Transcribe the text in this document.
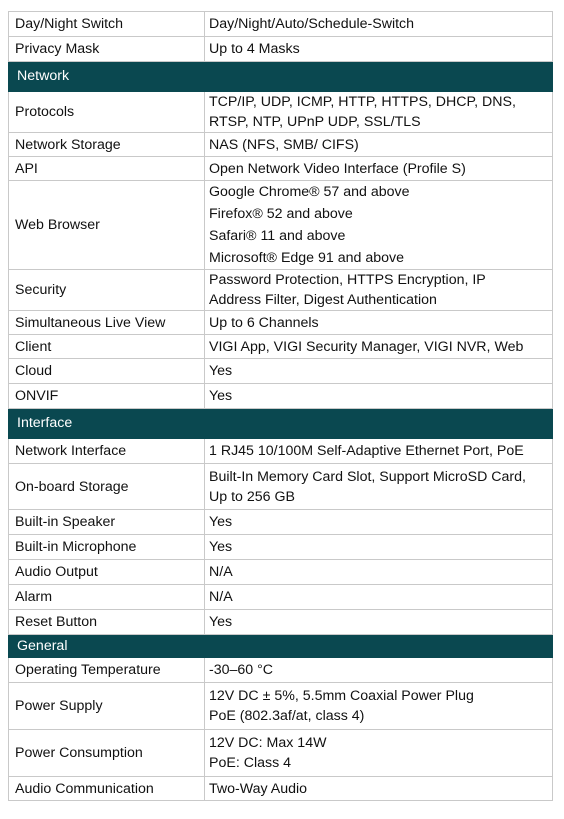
Day/Night Switch	Day/Night/Auto/Schedule-Switch

Privacy Mask	Up to 4 Masks

Network	
Protocols	TCP/IP, UDP, ICMP, HTTP, HTTPS, DHCP, DNS,
RTSP, NTP, UPnP UDP, SSL/TLS

Network Storage	NAS (NFS, SMB/ CIFS)

API	Open Network Video Interface (Profile S)

Web Browser	Google Chrome® 57 and above
Firefox® 52 and above
Safari® 11 and above
Microsoft® Edge 91 and above

Security	Password Protection, HTTPS Encryption, IP
Address Filter, Digest Authentication

Simultaneous Live View	Up to 6 Channels

Client	VIGI App, VIGI Security Manager, VIGI NVR, Web

Cloud	Yes

ONVIF	Yes

Interface	
Network Interface	1 RJ45 10/100M Self-Adaptive Ethernet Port, PoE

On-board Storage	Built-In Memory Card Slot, Support MicroSD Card,
Up to 256 GB

Built-in Speaker	Yes

Built-in Microphone	Yes

Audio Output	N/A

Alarm	N/A

Reset Button	Yes

General	
Operating Temperature	-30–60 °C

Power Supply	12V DC ± 5%, 5.5mm Coaxial Power Plug
PoE (802.3af/at, class 4)

Power Consumption	12V DC: Max 14W
PoE: Class 4

Audio Communication	Two-Way Audio
